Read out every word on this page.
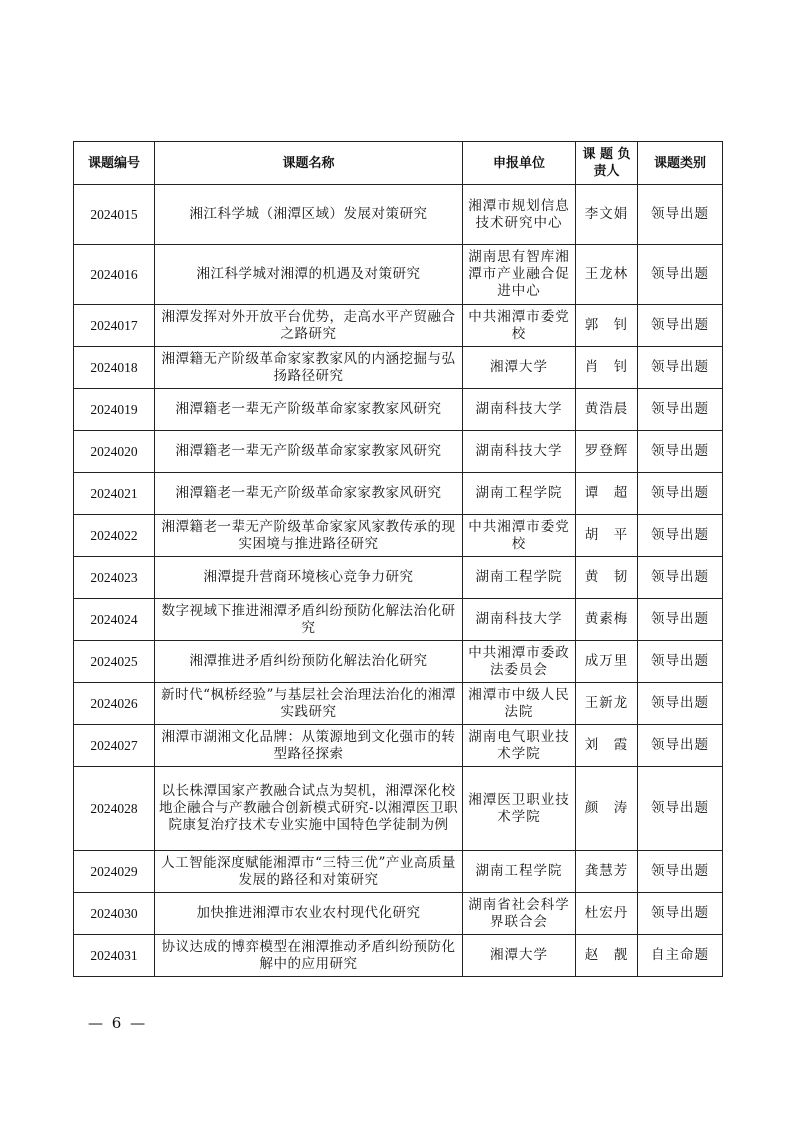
课题编号	课题名称	申报单位	课 题 负责人	课题类别
2024015	湘江科学城（湘潭区域）发展对策研究	湘潭市规划信息技术研究中心	李文娟	领导出题
2024016	湘江科学城对湘潭的机遇及对策研究	湖南思有智库湘潭市产业融合促进中心	王龙林	领导出题
2024017	湘潭发挥对外开放平台优势，走高水平产贸融合之路研究	中共湘潭市委党校	郭　钊	领导出题
2024018	湘潭籍无产阶级革命家家教家风的内涵挖掘与弘扬路径研究	湘潭大学	肖　钊	领导出题
2024019	湘潭籍老一辈无产阶级革命家家教家风研究	湖南科技大学	黄浩晨	领导出题
2024020	湘潭籍老一辈无产阶级革命家家教家风研究	湖南科技大学	罗登辉	领导出题
2024021	湘潭籍老一辈无产阶级革命家家教家风研究	湖南工程学院	谭　超	领导出题
2024022	湘潭籍老一辈无产阶级革命家家风家教传承的现实困境与推进路径研究	中共湘潭市委党校	胡　平	领导出题
2024023	湘潭提升营商环境核心竞争力研究	湖南工程学院	黄　韧	领导出题
2024024	数字视域下推进湘潭矛盾纠纷预防化解法治化研究	湖南科技大学	黄素梅	领导出题
2024025	湘潭推进矛盾纠纷预防化解法治化研究	中共湘潭市委政法委员会	成万里	领导出题
2024026	新时代“枫桥经验”与基层社会治理法治化的湘潭实践研究	湘潭市中级人民法院	王新龙	领导出题
2024027	湘潭市湖湘文化品牌：从策源地到文化强市的转型路径探索	湖南电气职业技术学院	刘　霞	领导出题
2024028	以长株潭国家产教融合试点为契机，湘潭深化校地企融合与产教融合创新模式研究-以湘潭医卫职院康复治疗技术专业实施中国特色学徒制为例	湘潭医卫职业技术学院	颜　涛	领导出题
2024029	人工智能深度赋能湘潭市“三特三优”产业高质量发展的路径和对策研究	湖南工程学院	龚慧芳	领导出题
2024030	加快推进湘潭市农业农村现代化研究	湖南省社会科学界联合会	杜宏丹	领导出题
2024031	协议达成的博弈模型在湘潭推动矛盾纠纷预防化解中的应用研究	湘潭大学	赵　靓	自主命题
— 6 —
